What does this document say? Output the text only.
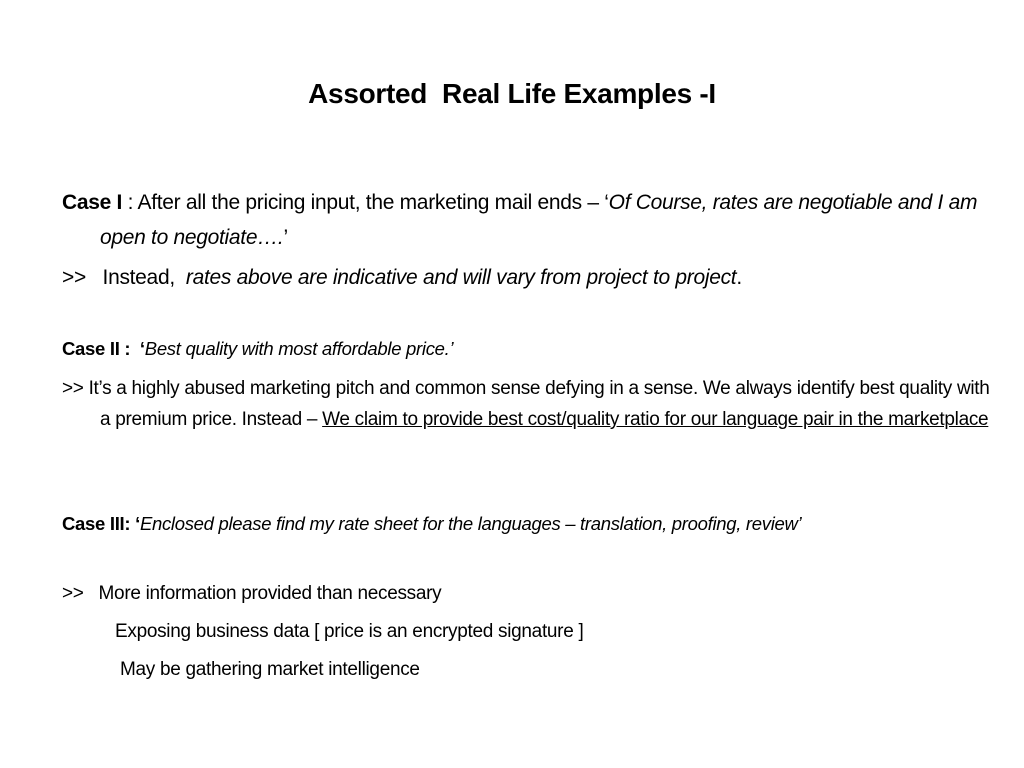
Assorted  Real Life Examples -I
Case I : After all the pricing input, the marketing mail ends – ‘Of Course, rates are negotiable and I am open to negotiate….’
>>   Instead,  rates above are indicative and will vary from project to project.
Case II :  ‘Best quality with most affordable price.’
>> It’s a highly abused marketing pitch and common sense defying in a sense. We always identify best quality with a premium price. Instead – We claim to provide best cost/quality ratio for our language pair in the marketplace
Case III: ‘Enclosed please find my rate sheet for the languages – translation, proofing, review’
>>   More information provided than necessary
Exposing business data [ price is an encrypted signature ]
May be gathering market intelligence
